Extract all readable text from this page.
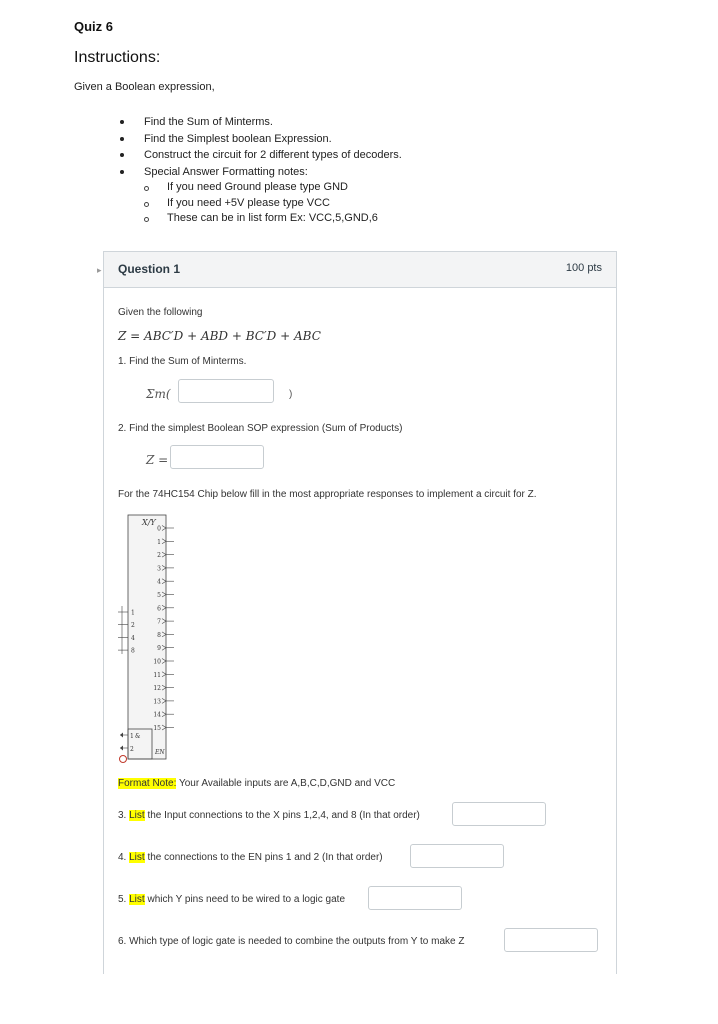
Quiz 6
Instructions:
Given a Boolean expression,
Find the Sum of Minterms.
Find the Simplest boolean Expression.
Construct the circuit for 2 different types of decoders.
Special Answer Formatting notes:
If you need Ground please type GND
If you need +5V please type VCC
These can be in list form Ex: VCC,5,GND,6
▸ Question 1	100 pts
Given the following
Z = ABC′D + ABD + BC′D + ABC
1. Find the Sum of Minterms.
Σm(	)
2. Find the simplest Boolean SOP expression (Sum of Products)
Z =
For the 74HC154 Chip below fill in the most appropriate responses to implement a circuit for Z.
X/Y
0
1
2
3
4
5
6
7
8
9
10
11
12
13
14
15
1
2
4
8
1 &
2	EN
Format Note: Your Available inputs are A,B,C,D,GND and VCC
3. List the Input connections to the X pins 1,2,4, and 8 (In that order)
4. List the connections to the EN pins 1 and 2 (In that order)
5. List which Y pins need to be wired to a logic gate
6. Which type of logic gate is needed to combine the outputs from Y to make Z
